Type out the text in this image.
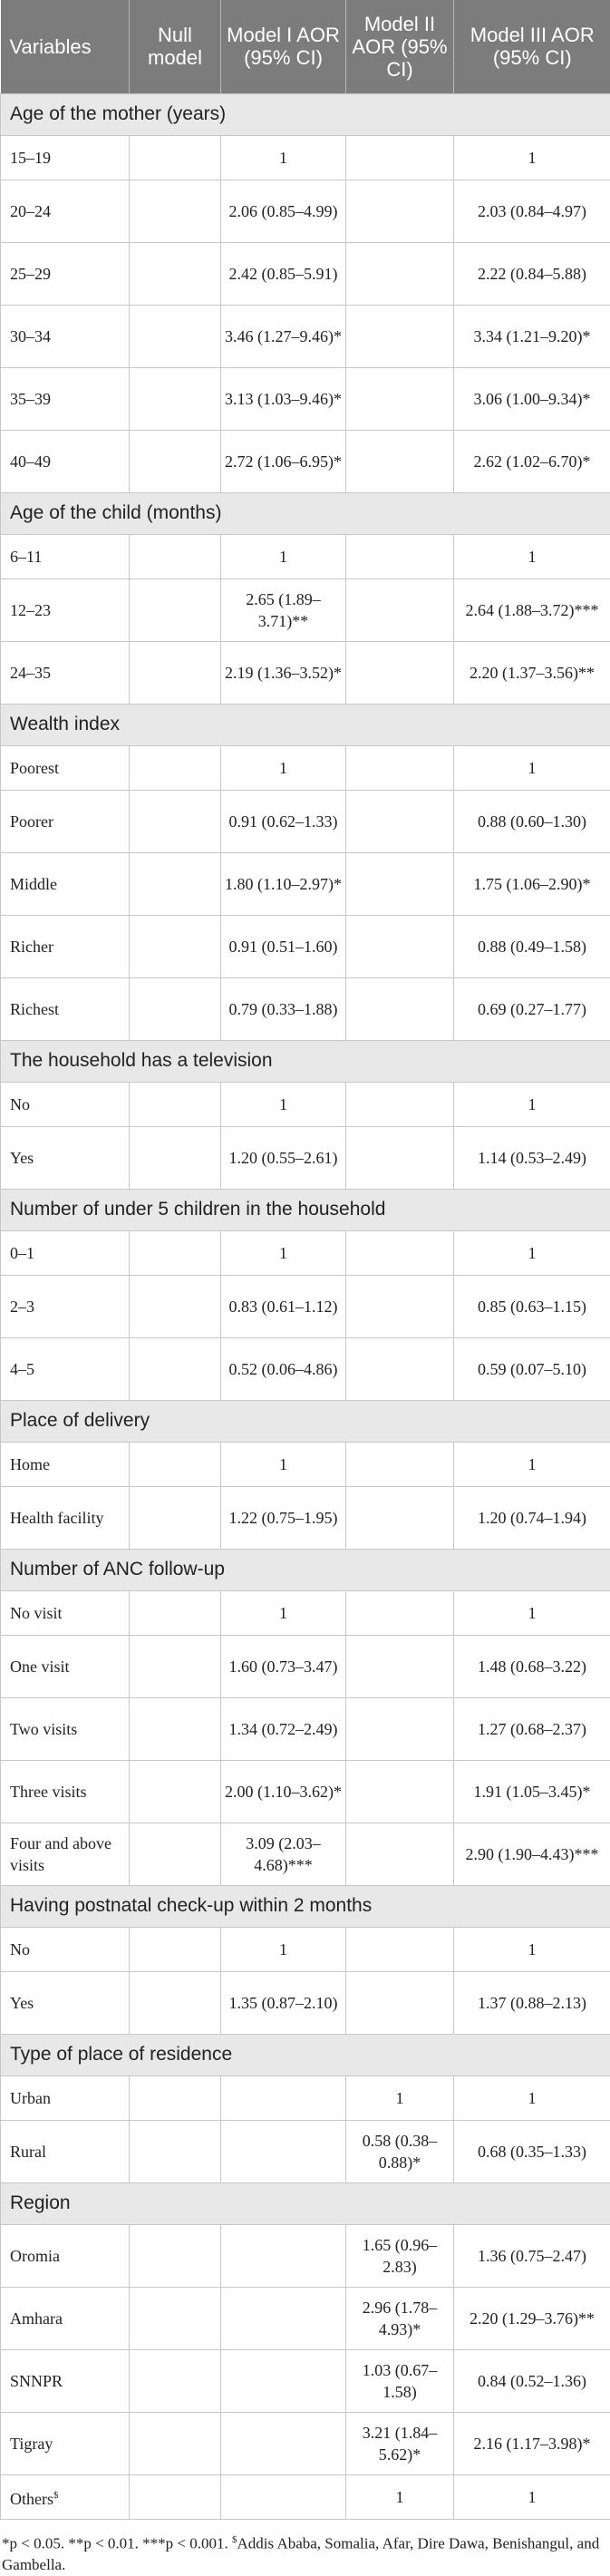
Variables	Null model	Model I AOR (95% CI)	Model II AOR (95% CI)	Model III AOR (95% CI)
Age of the mother (years)				
15–19		1		1
20–24		2.06 (0.85–4.99)		2.03 (0.84–4.97)
25–29		2.42 (0.85–5.91)		2.22 (0.84–5.88)
30–34		3.46 (1.27–9.46)*		3.34 (1.21–9.20)*
35–39		3.13 (1.03–9.46)*		3.06 (1.00–9.34)*
40–49		2.72 (1.06–6.95)*		2.62 (1.02–6.70)*
Age of the child (months)				
6–11		1		1
12–23		2.65 (1.89–3.71)**		2.64 (1.88–3.72)***
24–35		2.19 (1.36–3.52)*		2.20 (1.37–3.56)**
Wealth index				
Poorest		1		1
Poorer		0.91 (0.62–1.33)		0.88 (0.60–1.30)
Middle		1.80 (1.10–2.97)*		1.75 (1.06–2.90)*
Richer		0.91 (0.51–1.60)		0.88 (0.49–1.58)
Richest		0.79 (0.33–1.88)		0.69 (0.27–1.77)
The household has a television				
No		1		1
Yes		1.20 (0.55–2.61)		1.14 (0.53–2.49)
Number of under 5 children in the household				
0–1		1		1
2–3		0.83 (0.61–1.12)		0.85 (0.63–1.15)
4–5		0.52 (0.06–4.86)		0.59 (0.07–5.10)
Place of delivery				
Home		1		1
Health facility		1.22 (0.75–1.95)		1.20 (0.74–1.94)
Number of ANC follow-up				
No visit		1		1
One visit		1.60 (0.73–3.47)		1.48 (0.68–3.22)
Two visits		1.34 (0.72–2.49)		1.27 (0.68–2.37)
Three visits		2.00 (1.10–3.62)*		1.91 (1.05–3.45)*
Four and above visits		3.09 (2.03–4.68)***		2.90 (1.90–4.43)***
Having postnatal check-up within 2 months				
No		1		1
Yes		1.35 (0.87–2.10)		1.37 (0.88–2.13)
Type of place of residence				
Urban			1	1
Rural			0.58 (0.38–0.88)*	0.68 (0.35–1.33)
Region				
Oromia			1.65 (0.96–2.83)	1.36 (0.75–2.47)
Amhara			2.96 (1.78–4.93)*	2.20 (1.29–3.76)**
SNNPR			1.03 (0.67–1.58)	0.84 (0.52–1.36)
Tigray			3.21 (1.84–5.62)*	2.16 (1.17–3.98)*
Others$			1	1
*p < 0.05. **p < 0.01. ***p < 0.001. $Addis Ababa, Somalia, Afar, Dire Dawa, Benishangul, and Gambella.
